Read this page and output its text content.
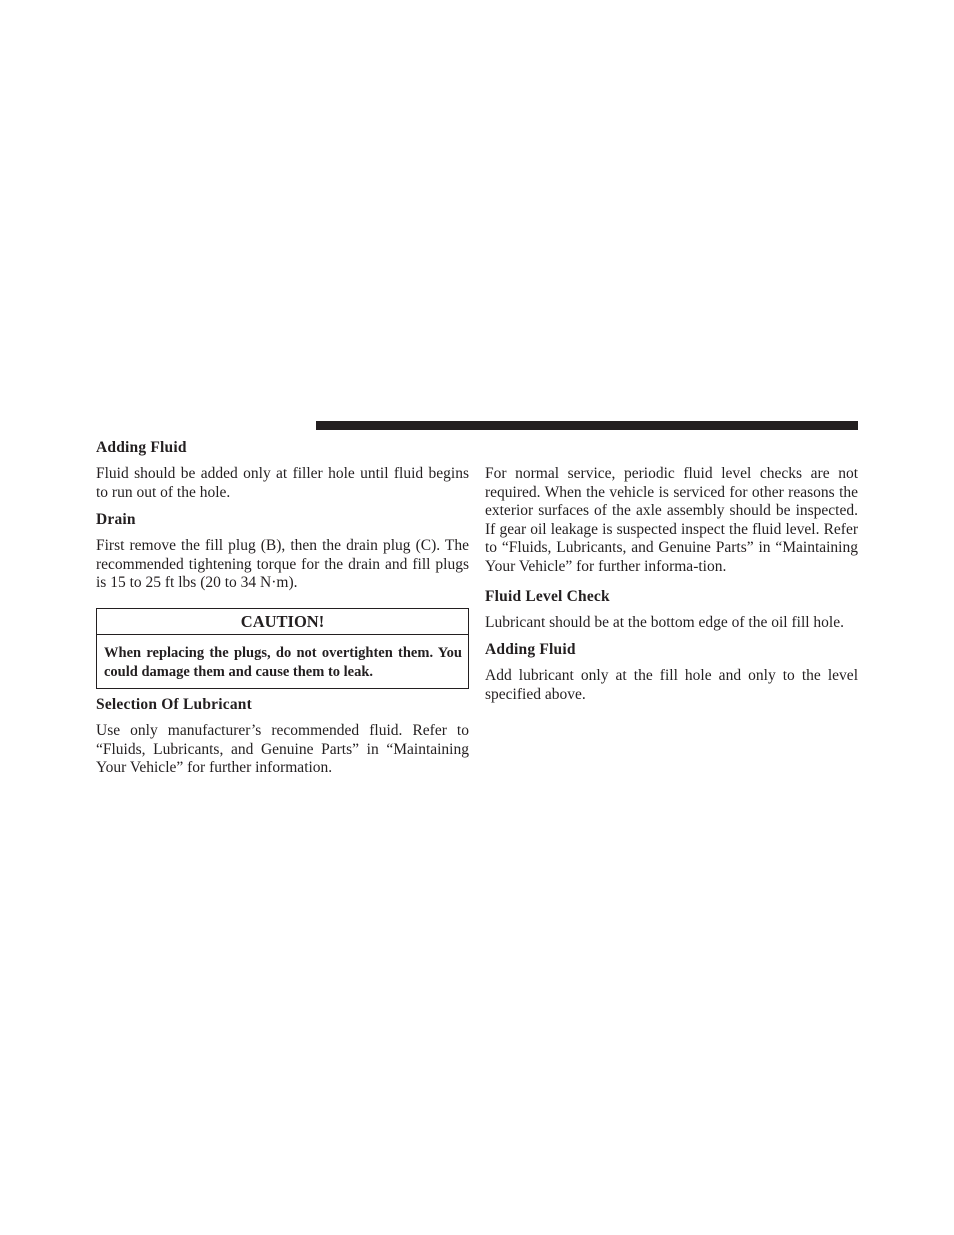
Adding Fluid

Fluid should be added only at filler hole until fluid begins to run out of the hole.

Drain

First remove the fill plug (B), then the drain plug (C). The recommended tightening torque for the drain and fill plugs is 15 to 25 ft lbs (20 to 34 N·m).

CAUTION!
When replacing the plugs, do not overtighten them. You could damage them and cause them to leak.
Selection Of Lubricant

Use only manufacturer’s recommended fluid. Refer to “Fluids, Lubricants, and Genuine Parts” in “Maintaining Your Vehicle” for further information.

For normal service, periodic fluid level checks are not required. When the vehicle is serviced for other reasons the exterior surfaces of the axle assembly should be inspected. If gear oil leakage is suspected inspect the fluid level. Refer to “Fluids, Lubricants, and Genuine Parts” in “Maintaining Your Vehicle” for further informa-tion.

Fluid Level Check

Lubricant should be at the bottom edge of the oil fill hole.

Adding Fluid

Add lubricant only at the fill hole and only to the level specified above.
